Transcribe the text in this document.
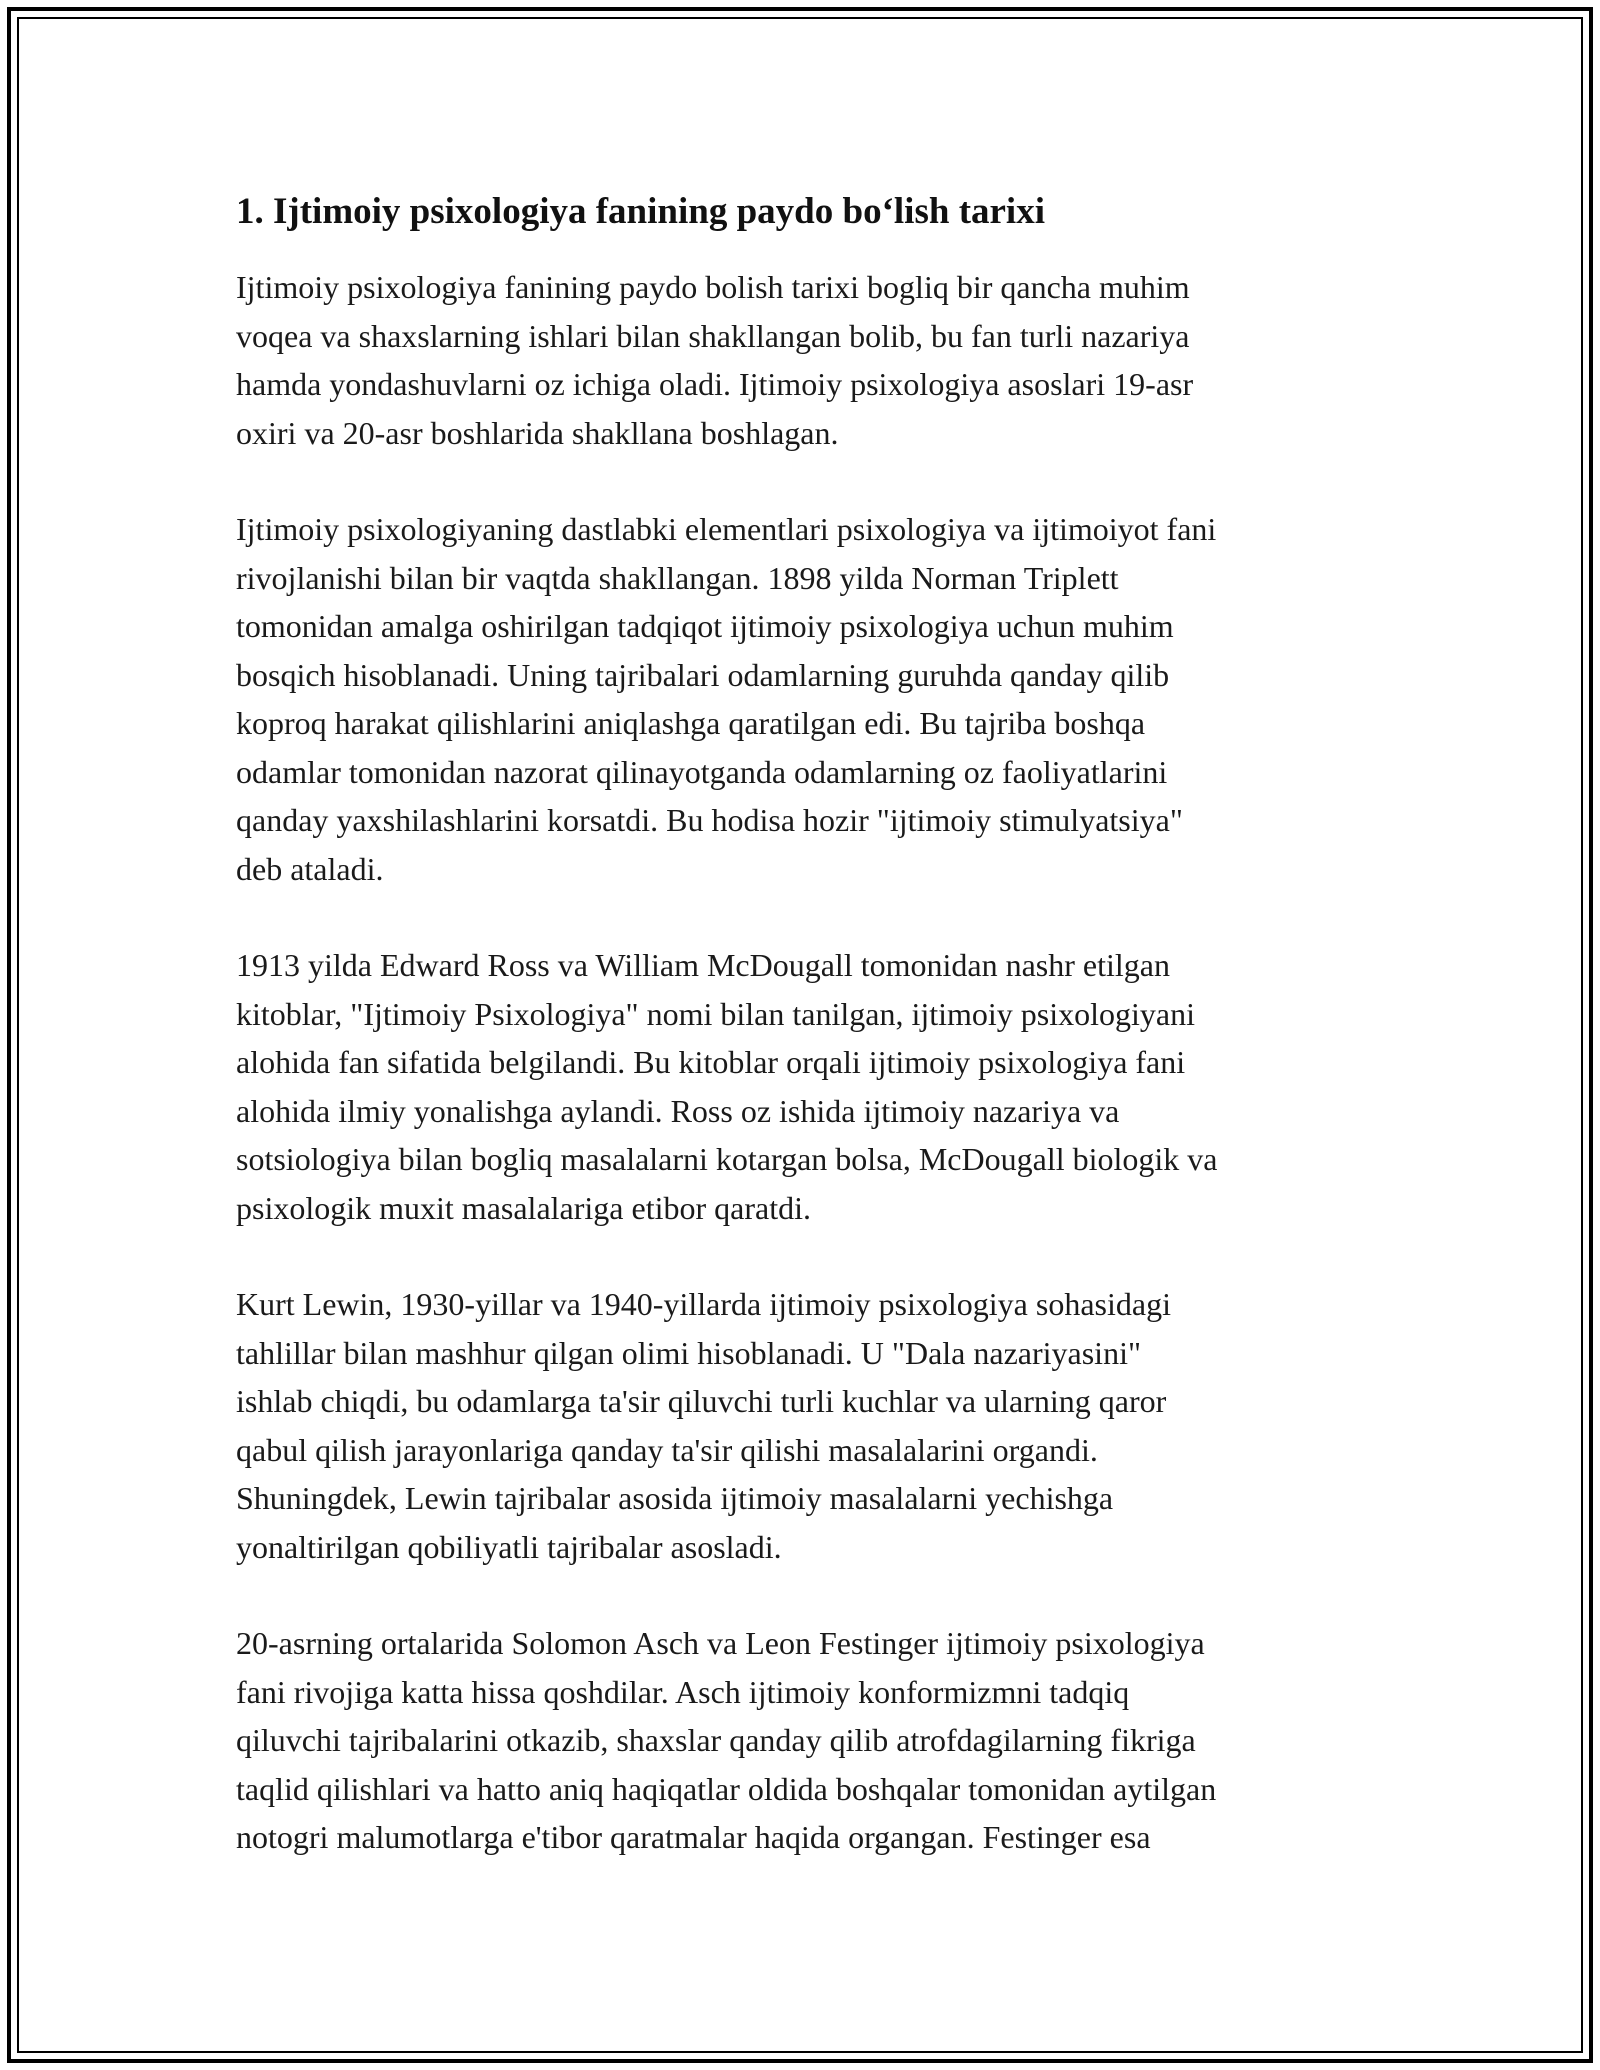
1. Ijtimoiy psixologiya fanining paydo bo‘lish tarixi

Ijtimoiy psixologiya fanining paydo bolish tarixi bogliq bir qancha muhim
voqea va shaxslarning ishlari bilan shakllangan bolib, bu fan turli nazariya
hamda yondashuvlarni oz ichiga oladi. Ijtimoiy psixologiya asoslari 19-asr
oxiri va 20-asr boshlarida shakllana boshlagan.

Ijtimoiy psixologiyaning dastlabki elementlari psixologiya va ijtimoiyot fani
rivojlanishi bilan bir vaqtda shakllangan. 1898 yilda Norman Triplett
tomonidan amalga oshirilgan tadqiqot ijtimoiy psixologiya uchun muhim
bosqich hisoblanadi. Uning tajribalari odamlarning guruhda qanday qilib
koproq harakat qilishlarini aniqlashga qaratilgan edi. Bu tajriba boshqa
odamlar tomonidan nazorat qilinayotganda odamlarning oz faoliyatlarini
qanday yaxshilashlarini korsatdi. Bu hodisa hozir "ijtimoiy stimulyatsiya"
deb ataladi.

1913 yilda Edward Ross va William McDougall tomonidan nashr etilgan
kitoblar, "Ijtimoiy Psixologiya" nomi bilan tanilgan, ijtimoiy psixologiyani
alohida fan sifatida belgilandi. Bu kitoblar orqali ijtimoiy psixologiya fani
alohida ilmiy yonalishga aylandi. Ross oz ishida ijtimoiy nazariya va
sotsiologiya bilan bogliq masalalarni kotargan bolsa, McDougall biologik va
psixologik muxit masalalariga etibor qaratdi.

Kurt Lewin, 1930-yillar va 1940-yillarda ijtimoiy psixologiya sohasidagi
tahlillar bilan mashhur qilgan olimi hisoblanadi. U "Dala nazariyasini"
ishlab chiqdi, bu odamlarga ta'sir qiluvchi turli kuchlar va ularning qaror
qabul qilish jarayonlariga qanday ta'sir qilishi masalalarini organdi.
Shuningdek, Lewin tajribalar asosida ijtimoiy masalalarni yechishga
yonaltirilgan qobiliyatli tajribalar asosladi.

20-asrning ortalarida Solomon Asch va Leon Festinger ijtimoiy psixologiya
fani rivojiga katta hissa qoshdilar. Asch ijtimoiy konformizmni tadqiq
qiluvchi tajribalarini otkazib, shaxslar qanday qilib atrofdagilarning fikriga
taqlid qilishlari va hatto aniq haqiqatlar oldida boshqalar tomonidan aytilgan
notogri malumotlarga e'tibor qaratmalar haqida organgan. Festinger esa
